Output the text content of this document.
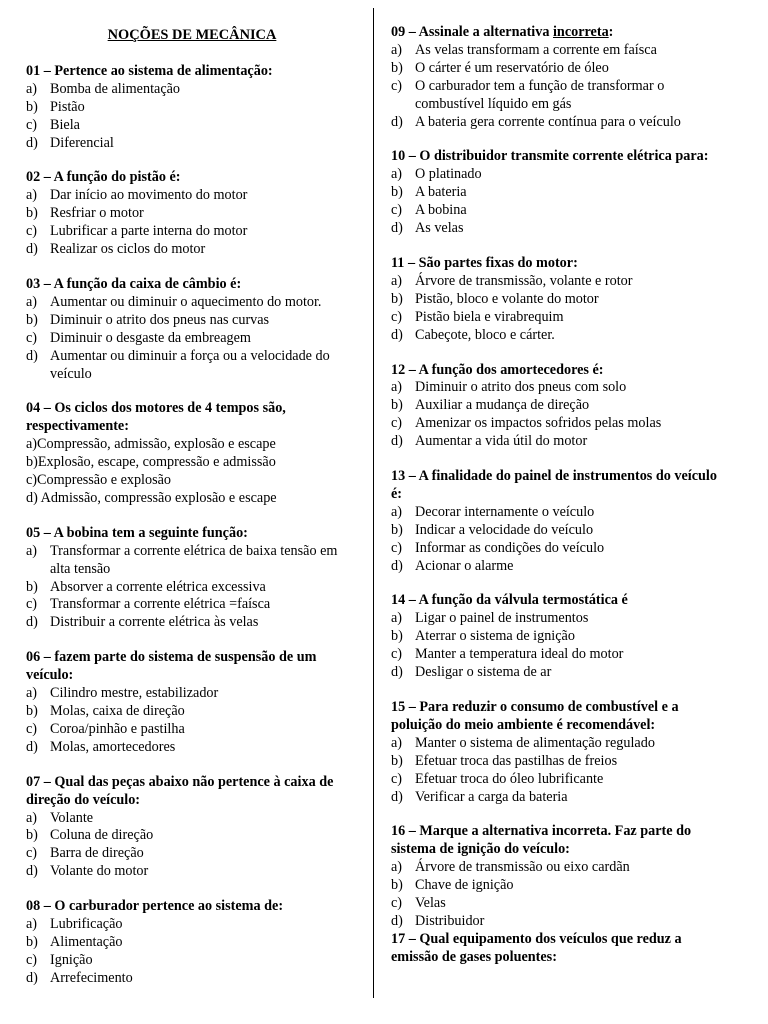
NOÇÕES DE MECÂNICA
01 – Pertence ao sistema de alimentação:
a) Bomba de alimentação
b) Pistão
c) Biela
d) Diferencial
02 – A função do pistão é:
a) Dar início ao movimento do motor
b) Resfriar o motor
c) Lubrificar a parte interna do motor
d) Realizar os ciclos do motor
03 – A função da caixa de câmbio é:
a) Aumentar ou diminuir o aquecimento do motor.
b) Diminuir o atrito dos pneus nas curvas
c) Diminuir o desgaste da embreagem
d) Aumentar ou diminuir a força ou a velocidade do veículo
04 – Os ciclos dos motores de 4 tempos são, respectivamente:
a) Compressão, admissão, explosão e escape
b) Explosão, escape, compressão e admissão
c) Compressão e explosão
d) Admissão, compressão explosão e escape
05 – A bobina tem a seguinte função:
a) Transformar a corrente elétrica de baixa tensão em alta tensão
b) Absorver a corrente elétrica excessiva
c) Transformar a corrente elétrica =faísca
d) Distribuir a corrente elétrica às velas
06 – fazem parte do sistema de suspensão de um veículo:
a) Cilindro mestre, estabilizador
b) Molas, caixa de direção
c) Coroa/pinhão e pastilha
d) Molas, amortecedores
07 – Qual das peças abaixo não pertence à caixa de direção do veículo:
a) Volante
b) Coluna de direção
c) Barra de direção
d) Volante do motor
08 – O carburador pertence ao sistema de:
a) Lubrificação
b) Alimentação
c) Ignição
d) Arrefecimento
09 – Assinale a alternativa incorreta:
a) As velas transformam a corrente em faísca
b) O cárter é um reservatório de óleo
c) O carburador tem a função de transformar o combustível líquido em gás
d) A bateria gera corrente contínua para o veículo
10 – O distribuidor transmite corrente elétrica para:
a) O platinado
b) A bateria
c) A bobina
d) As velas
11 – São partes fixas do motor:
a) Árvore de transmissão, volante e rotor
b) Pistão, bloco e volante do motor
c) Pistão biela e virabrequim
d) Cabeçote, bloco e cárter.
12 – A função dos amortecedores é:
a) Diminuir o atrito dos pneus com solo
b) Auxiliar a mudança de direção
c) Amenizar os impactos sofridos pelas molas
d) Aumentar a vida útil do motor
13 – A finalidade do painel de instrumentos do veículo é:
a) Decorar internamente o veículo
b) Indicar a velocidade do veículo
c) Informar as condições do veículo
d) Acionar o alarme
14 – A função da válvula termostática é
a) Ligar o painel de instrumentos
b) Aterrar o sistema de ignição
c) Manter a temperatura ideal do motor
d) Desligar o sistema de ar
15 – Para reduzir o consumo de combustível e a poluição do meio ambiente é recomendável:
a) Manter o sistema de alimentação regulado
b) Efetuar troca das pastilhas de freios
c) Efetuar troca do óleo lubrificante
d) Verificar a carga da bateria
16 – Marque a alternativa incorreta. Faz parte do sistema de ignição do veículo:
a) Árvore de transmissão ou eixo cardãn
b) Chave de ignição
c) Velas
d) Distribuidor
17 – Qual equipamento dos veículos que reduz a emissão de gases poluentes:
